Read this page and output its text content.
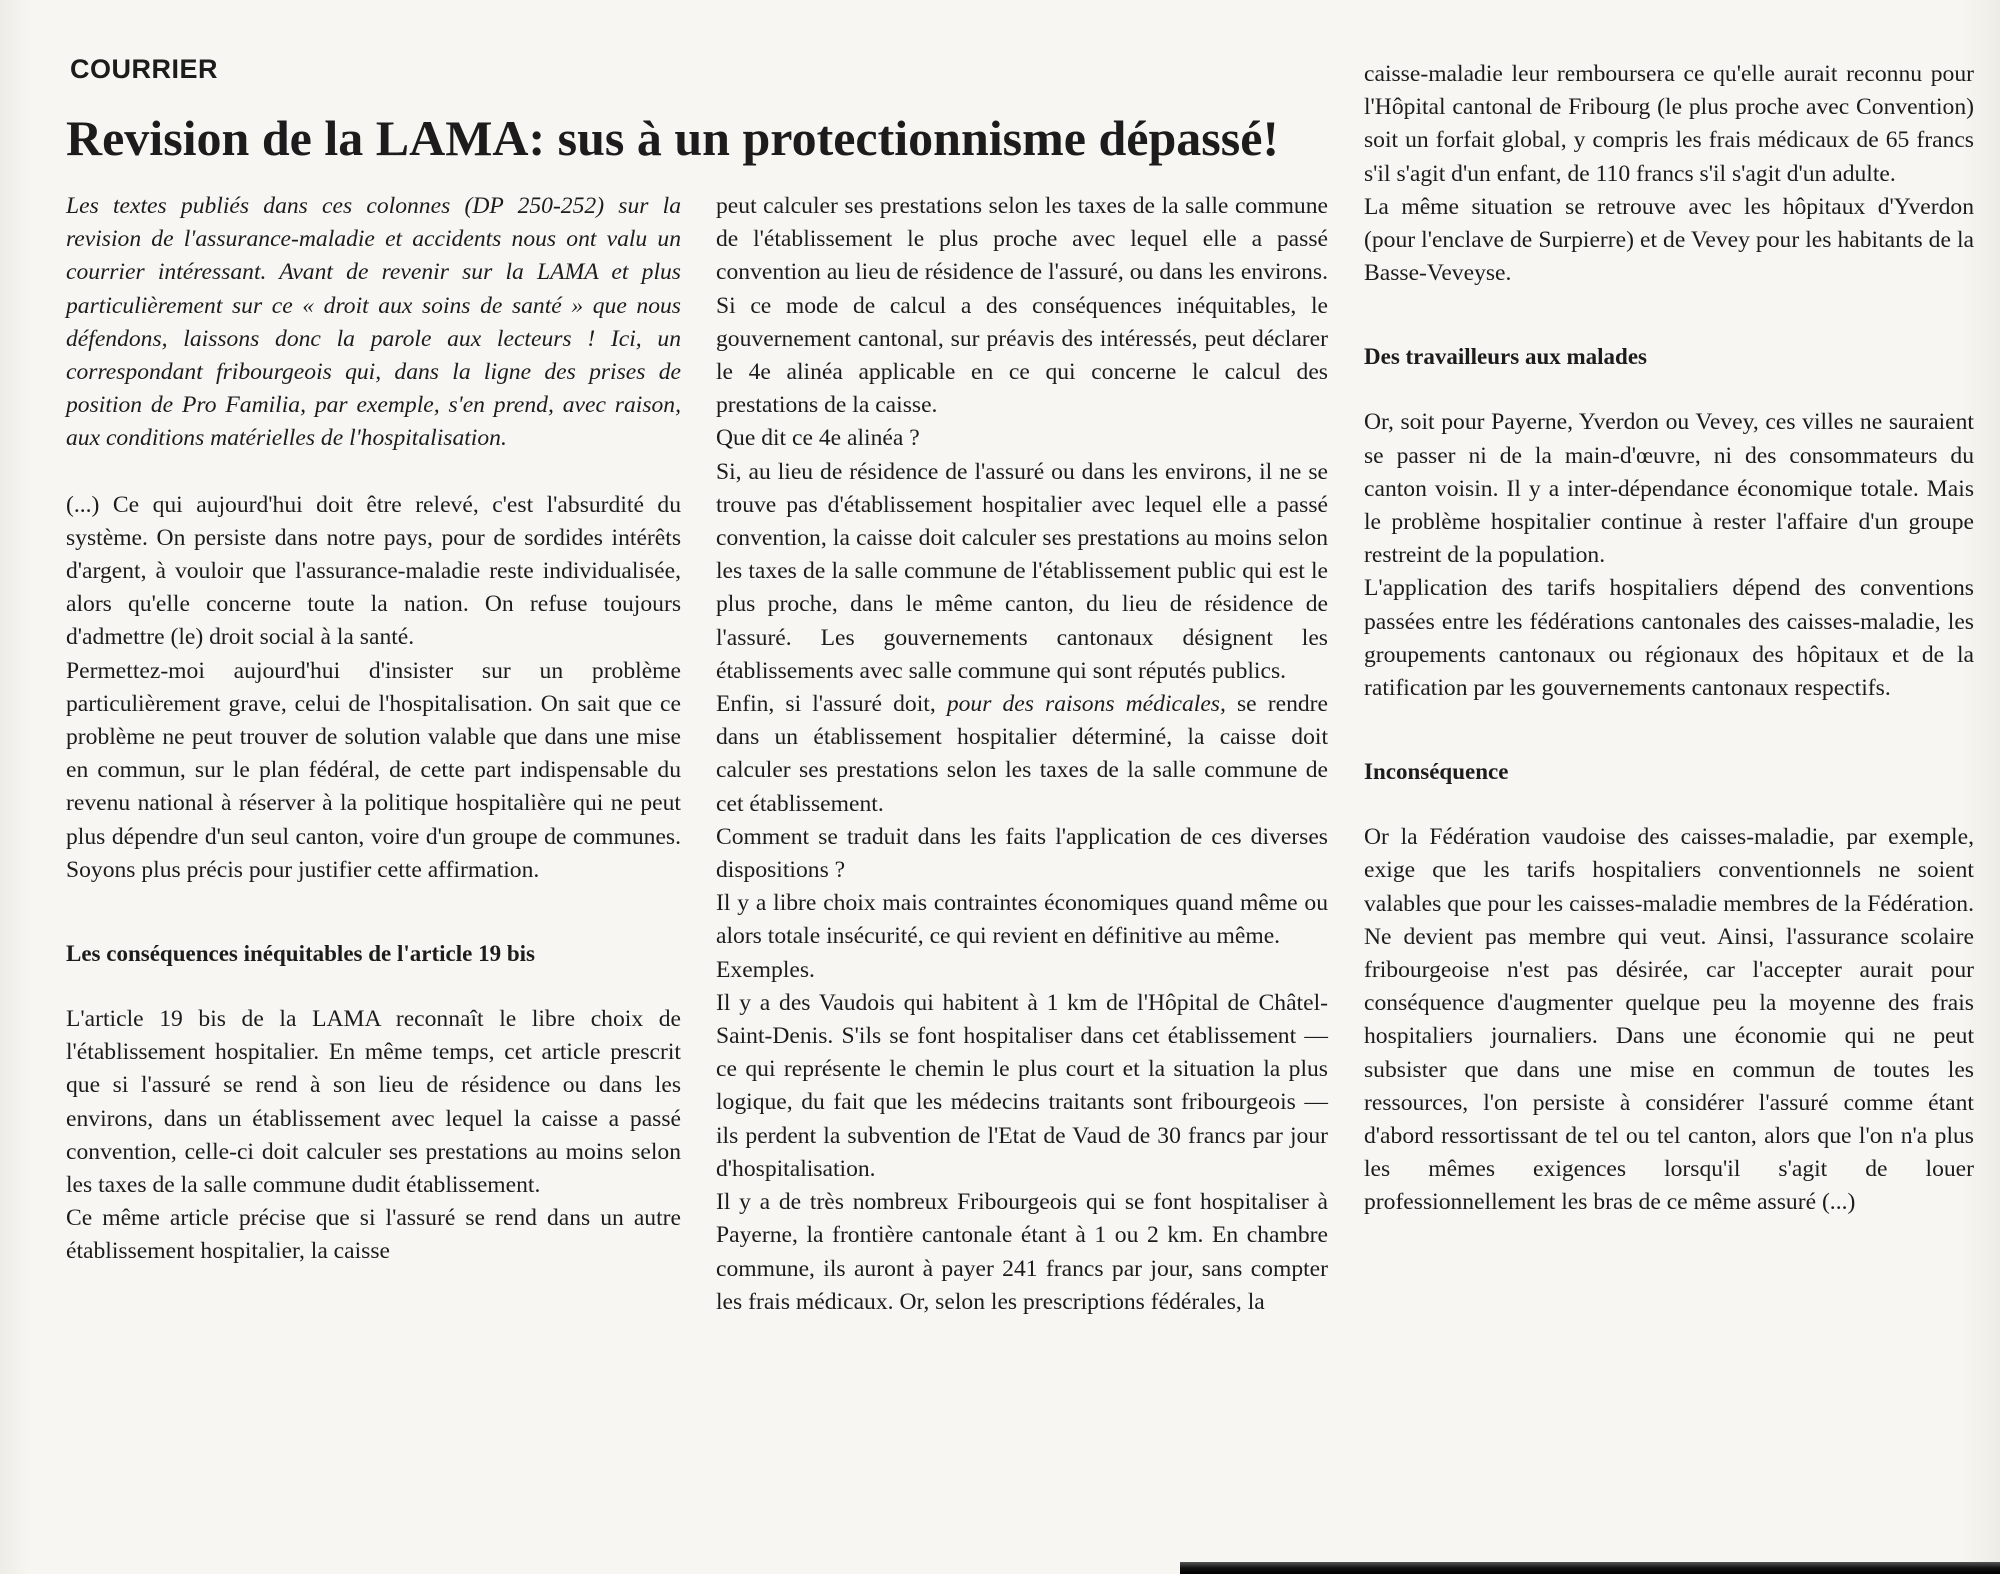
COURRIER
Revision de la LAMA: sus à un protectionnisme dépassé!

Les textes publiés dans ces colonnes (DP 250-252) sur la revision de l'assurance-maladie et accidents nous ont valu un courrier intéressant. Avant de revenir sur la LAMA et plus particulièrement sur ce « droit aux soins de santé » que nous défendons, laissons donc la parole aux lecteurs ! Ici, un correspondant fribourgeois qui, dans la ligne des prises de position de Pro Familia, par exemple, s'en prend, avec raison, aux conditions matérielles de l'hospitalisation.

(...) Ce qui aujourd'hui doit être relevé, c'est l'absurdité du système. On persiste dans notre pays, pour de sordides intérêts d'argent, à vouloir que l'assurance-maladie reste individualisée, alors qu'elle concerne toute la nation. On refuse toujours d'admettre (le) droit social à la santé.

Permettez-moi aujourd'hui d'insister sur un problème particulièrement grave, celui de l'hospitalisation. On sait que ce problème ne peut trouver de solution valable que dans une mise en commun, sur le plan fédéral, de cette part indispensable du revenu national à réserver à la politique hospitalière qui ne peut plus dépendre d'un seul canton, voire d'un groupe de communes. Soyons plus précis pour justifier cette affirmation.

Les conséquences inéquitables de l'article 19 bis

L'article 19 bis de la LAMA reconnaît le libre choix de l'établissement hospitalier. En même temps, cet article prescrit que si l'assuré se rend à son lieu de résidence ou dans les environs, dans un établissement avec lequel la caisse a passé convention, celle-ci doit calculer ses prestations au moins selon les taxes de la salle commune dudit établissement.

Ce même article précise que si l'assuré se rend dans un autre établissement hospitalier, la caisse

peut calculer ses prestations selon les taxes de la salle commune de l'établissement le plus proche avec lequel elle a passé convention au lieu de résidence de l'assuré, ou dans les environs. Si ce mode de calcul a des conséquences inéquitables, le gouvernement cantonal, sur préavis des intéressés, peut déclarer le 4e alinéa applicable en ce qui concerne le calcul des prestations de la caisse.

Que dit ce 4e alinéa ?

Si, au lieu de résidence de l'assuré ou dans les environs, il ne se trouve pas d'établissement hospitalier avec lequel elle a passé convention, la caisse doit calculer ses prestations au moins selon les taxes de la salle commune de l'établissement public qui est le plus proche, dans le même canton, du lieu de résidence de l'assuré. Les gouvernements cantonaux désignent les établissements avec salle commune qui sont réputés publics.

Enfin, si l'assuré doit, pour des raisons médicales, se rendre dans un établissement hospitalier déterminé, la caisse doit calculer ses prestations selon les taxes de la salle commune de cet établissement.

Comment se traduit dans les faits l'application de ces diverses dispositions ?

Il y a libre choix mais contraintes économiques quand même ou alors totale insécurité, ce qui revient en définitive au même.

Exemples.

Il y a des Vaudois qui habitent à 1 km de l'Hôpital de Châtel-Saint-Denis. S'ils se font hospitaliser dans cet établissement — ce qui représente le chemin le plus court et la situation la plus logique, du fait que les médecins traitants sont fribourgeois — ils perdent la subvention de l'Etat de Vaud de 30 francs par jour d'hospitalisation.

Il y a de très nombreux Fribourgeois qui se font hospitaliser à Payerne, la frontière cantonale étant à 1 ou 2 km. En chambre commune, ils auront à payer 241 francs par jour, sans compter les frais médicaux. Or, selon les prescriptions fédérales, la

caisse-maladie leur remboursera ce qu'elle aurait reconnu pour l'Hôpital cantonal de Fribourg (le plus proche avec Convention) soit un forfait global, y compris les frais médicaux de 65 francs s'il s'agit d'un enfant, de 110 francs s'il s'agit d'un adulte.

La même situation se retrouve avec les hôpitaux d'Yverdon (pour l'enclave de Surpierre) et de Vevey pour les habitants de la Basse-Veveyse.

Des travailleurs aux malades

Or, soit pour Payerne, Yverdon ou Vevey, ces villes ne sauraient se passer ni de la main-d'œuvre, ni des consommateurs du canton voisin. Il y a inter-dépendance économique totale. Mais le problème hospitalier continue à rester l'affaire d'un groupe restreint de la population.

L'application des tarifs hospitaliers dépend des conventions passées entre les fédérations cantonales des caisses-maladie, les groupements cantonaux ou régionaux des hôpitaux et de la ratification par les gouvernements cantonaux respectifs.

Inconséquence

Or la Fédération vaudoise des caisses-maladie, par exemple, exige que les tarifs hospitaliers conventionnels ne soient valables que pour les caisses-maladie membres de la Fédération. Ne devient pas membre qui veut. Ainsi, l'assurance scolaire fribourgeoise n'est pas désirée, car l'accepter aurait pour conséquence d'augmenter quelque peu la moyenne des frais hospitaliers journaliers. Dans une économie qui ne peut subsister que dans une mise en commun de toutes les ressources, l'on persiste à considérer l'assuré comme étant d'abord ressortissant de tel ou tel canton, alors que l'on n'a plus les mêmes exigences lorsqu'il s'agit de louer professionnellement les bras de ce même assuré (...)
